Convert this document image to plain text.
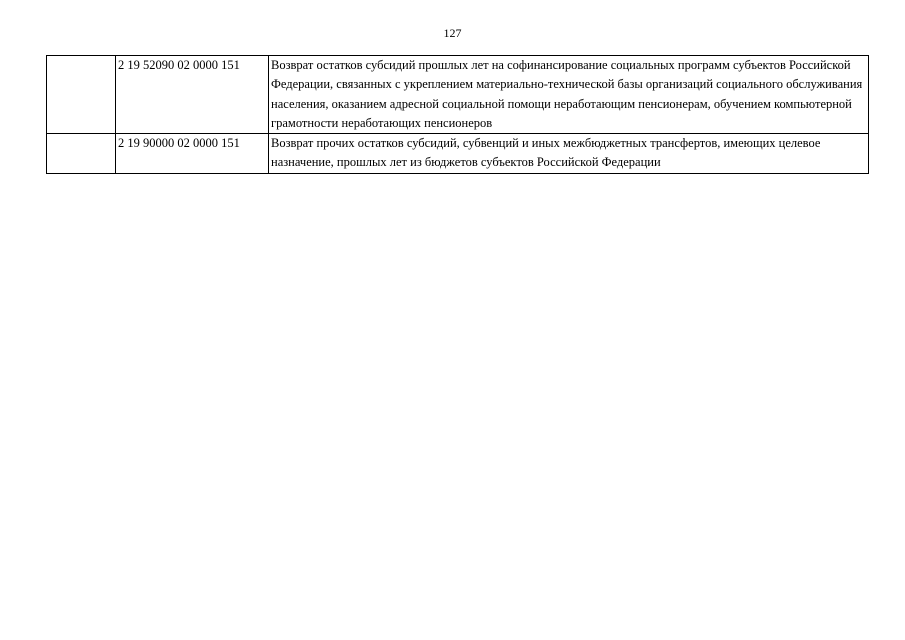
127
	2 19 52090 02 0000 151	Возврат остатков субсидий прошлых лет на софинансирование социальных программ субъектов Российской Федерации, связанных с укреплением материально-технической базы организаций социального обслуживания населения, оказанием адресной социальной помощи неработающим пенсионерам, обучением компьютерной грамотности неработающих пенсионеров
	2 19 90000 02 0000 151	Возврат прочих остатков субсидий, субвенций и иных межбюджетных трансфертов, имеющих целевое назначение, прошлых лет из бюджетов субъектов Российской Федерации
